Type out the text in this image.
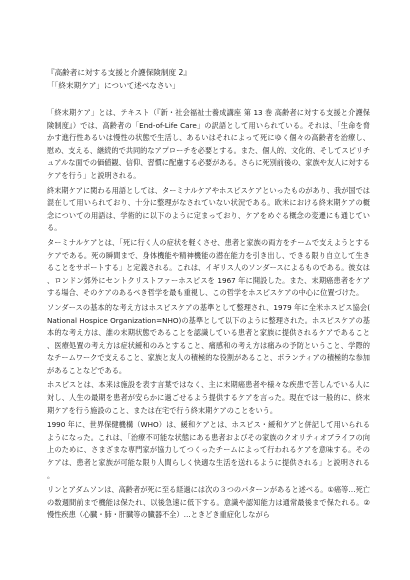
『高齢者に対する支援と介護保険制度 2』

「「終末期ケア」について述べなさい」

「終末期ケア」とは、テキスト（『新・社会福祉士養成講座 第 13 巻 高齢者に対する支援と介護保険制度』）では、高齢者の「End-of-Life Care」の訳語として用いられている。それは、「生命を脅かす進行性あるいは慢性の状態で生活し、あるいはそれによって死にゆく個々の高齢者を治療し、慰め、支える、継続的で共同的なアプローチを必要とする。また、個人的、文化的、そしてスピリチュアルな面での価値観、信仰、習慣に配慮する必要がある。さらに死別前後の、家族や友人に対するケアを行う」と説明される。

終末期ケアに関わる用語としては、ターミナルケアやホスピスケアといったものがあり、我が国では混在して用いられており、十分に整理がなされていない状況である。欧米における終末期ケアの概念についての用語は、学術的に以下のように定まっており、ケアをめぐる概念の変遷にも通じている。

ターミナルケアとは、「死に行く人の症状を軽くさせ、患者と家族の両方をチームで支えようとするケアである。死の瞬間まで、身体機能や精神機能の潜在能力を引き出し、できる限り自立して生きることをサポートする」と定義される。これは、イギリス人のソンダースによるものである。彼女は、ロンドン郊外にセントクリストファーホスピスを 1967 年に開設した。また、末期癌患者をケアする場合、そのケアのあるべき哲学を最も重視し、この哲学をホスピスケアの中心に位置づけた。

ソンダースの基本的な考え方はホスピスケアの基準として整理され、1979 年に全米ホスピス協会(National Hospice Organization=NHO)の基準として以下のように整理された。ホスピスケアの基本的な考え方は、誰の末期状態であることを認識している患者と家族に提供されるケアであること、医療処置の考え方は症状緩和のみとすること、痛感和の考え方は痛みの予防ということ、学際的なチームワークで支えること、家族と友人の積極的な役割があること、ボランティアの積極的な参加があることなどである。

ホスピスとは、本来は施設を表す言葉ではなく、主に末期癌患者や様々な疾患で苦しんでいる人に対し、人生の最期を患者が安らかに過ごせるよう提供するケアを言った。現在では一般的に、終末期ケアを行う施設のこと、または在宅で行う終末期ケアのことをいう。

1990 年に、世界保健機構（WHO）は、緩和ケアとは、ホスピス・緩和ケアと併記して用いられるようになった。これは、「治療不可能な状態にある患者およびその家族のクオリティオブライフの向上のために、さまざまな専門家が協力してつくったチームによって行われるケアを意味する。そのケアは、患者と家族が可能な限り人間らしく快適な生活を送れるように提供される」と説明される。

リンとアダムソンは、高齢者が死に至る経過には次の３つのパターンがあると述べる。①癌等…死亡の数週間前まで機能は保たれ、以後急速に低下する。意識や認知能力は通常最後まで保たれる。②慢性疾患（心臓・肺・肝臓等の臓器不全）…ときどき重症化しながら
